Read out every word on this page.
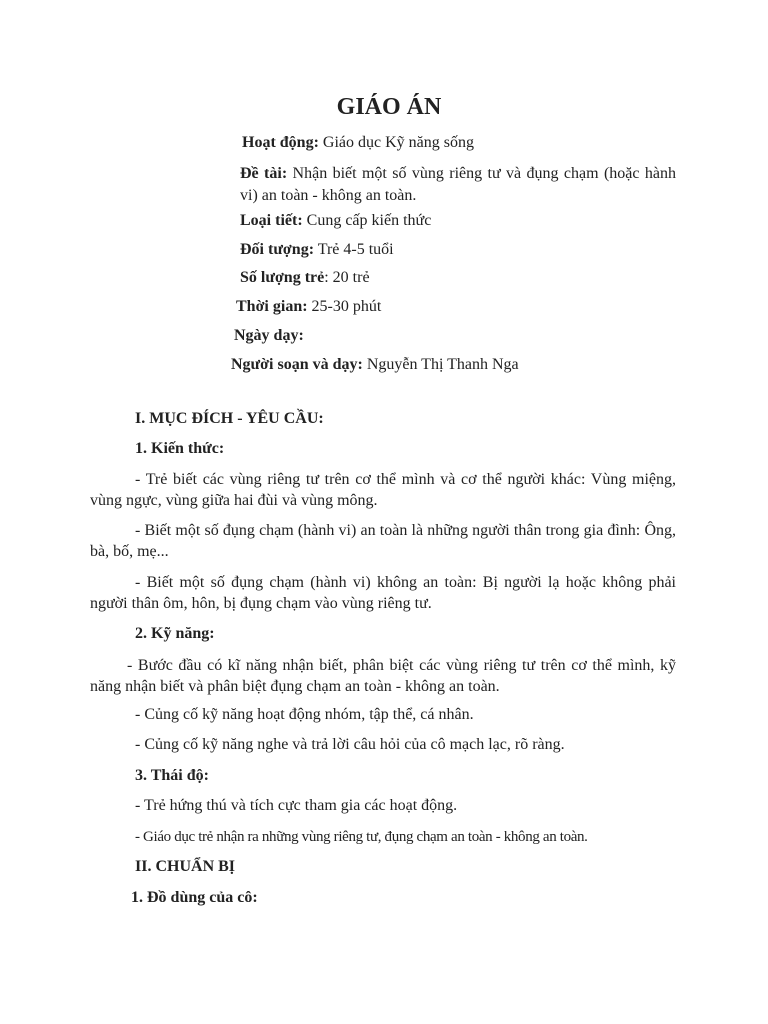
GIÁO ÁN
Hoạt động: Giáo dục Kỹ năng sống
Đề tài: Nhận biết một số vùng riêng tư và đụng chạm (hoặc hành vi) an toàn - không an toàn.
Loại tiết: Cung cấp kiến thức
Đối tượng: Trẻ 4-5 tuổi
Số lượng trẻ: 20 trẻ
Thời gian: 25-30 phút
Ngày dạy:
Người soạn và dạy: Nguyễn Thị Thanh Nga
I. MỤC ĐÍCH - YÊU CẦU:
1. Kiến thức:
- Trẻ biết các vùng riêng tư trên cơ thể mình và cơ thể người khác: Vùng miệng, vùng ngực, vùng giữa hai đùi và vùng mông.
- Biết một số đụng chạm (hành vi) an toàn là những người thân trong gia đình: Ông, bà, bố, mẹ...
- Biết một số đụng chạm (hành vi) không an toàn: Bị người lạ hoặc không phải người thân ôm, hôn, bị đụng chạm vào vùng riêng tư.
2. Kỹ năng:
- Bước đầu có kĩ năng nhận biết, phân biệt các vùng riêng tư trên cơ thể mình, kỹ năng nhận biết và phân biệt đụng chạm an toàn - không an toàn.
- Củng cố kỹ năng hoạt động nhóm, tập thể, cá nhân.
- Củng cố kỹ năng nghe và trả lời câu hỏi của cô mạch lạc, rõ ràng.
3. Thái độ:
- Trẻ hứng thú và tích cực tham gia các hoạt động.
- Giáo dục trẻ nhận ra những vùng riêng tư, đụng chạm an toàn - không an toàn.
II. CHUẨN BỊ
1. Đồ dùng của cô:
